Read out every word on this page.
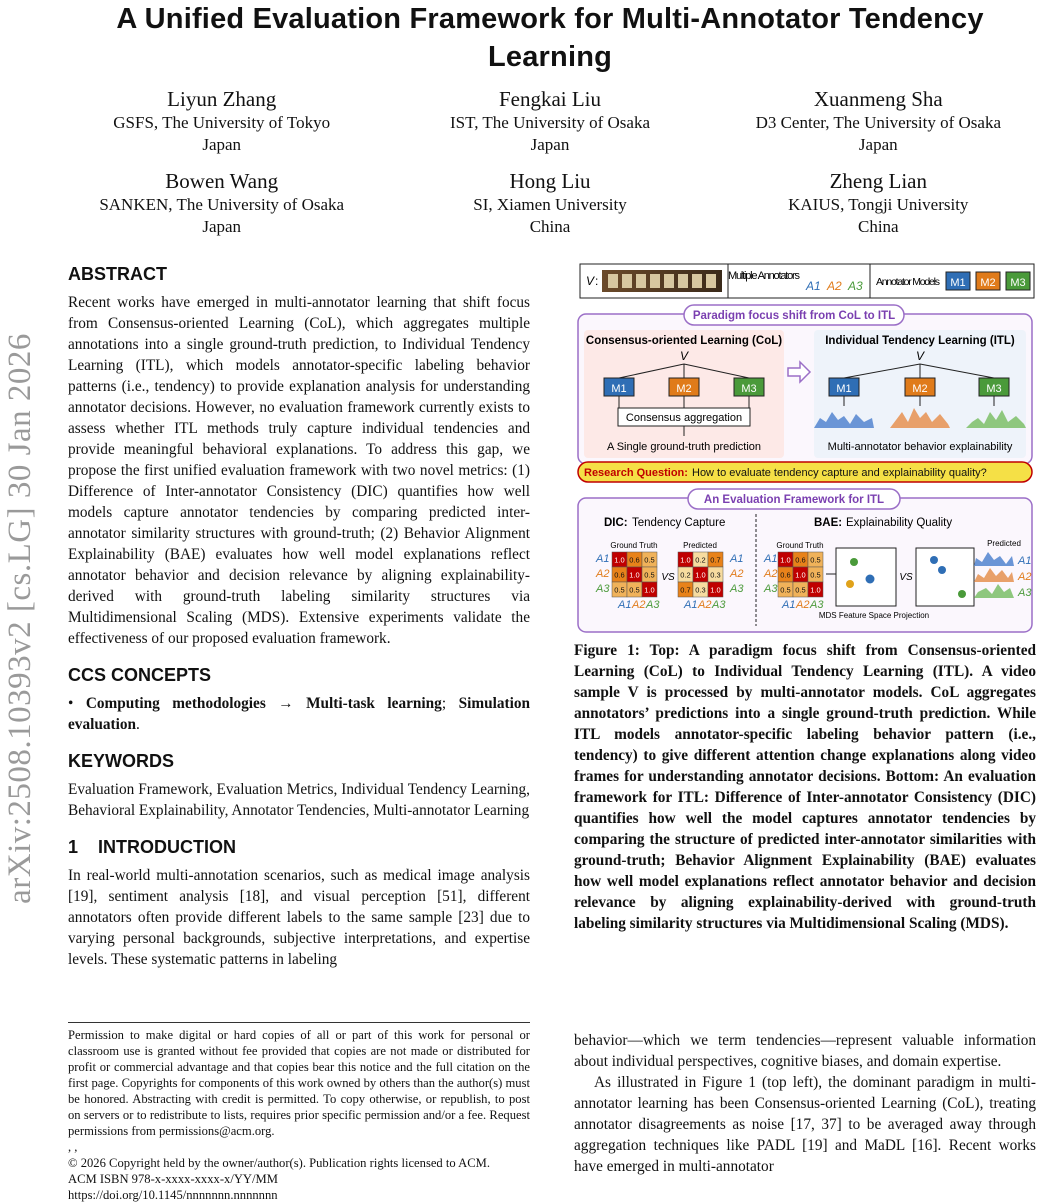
arXiv:2508.10393v2 [cs.LG] 30 Jan 2026
A Unified Evaluation Framework for Multi-Annotator Tendency Learning
Liyun Zhang
GSFS, The University of Tokyo
Japan
Fengkai Liu
IST, The University of Osaka
Japan
Xuanmeng Sha
D3 Center, The University of Osaka
Japan
Bowen Wang
SANKEN, The University of Osaka
Japan
Hong Liu
SI, Xiamen University
China
Zheng Lian
KAIUS, Tongji University
China
ABSTRACT

Recent works have emerged in multi-annotator learning that shift focus from Consensus-oriented Learning (CoL), which aggregates multiple annotations into a single ground-truth prediction, to Individual Tendency Learning (ITL), which models annotator-specific labeling behavior patterns (i.e., tendency) to provide explanation analysis for understanding annotator decisions. However, no evaluation framework currently exists to assess whether ITL methods truly capture individual tendencies and provide meaningful behavioral explanations. To address this gap, we propose the first unified evaluation framework with two novel metrics: (1) Difference of Inter-annotator Consistency (DIC) quantifies how well models capture annotator tendencies by comparing predicted inter-annotator similarity structures with ground-truth; (2) Behavior Alignment Explainability (BAE) evaluates how well model explanations reflect annotator behavior and decision relevance by aligning explainability-derived with ground-truth labeling similarity structures via Multidimensional Scaling (MDS). Extensive experiments validate the effectiveness of our proposed evaluation framework.

CCS CONCEPTS

• Computing methodologies → Multi-task learning; Simulation evaluation.

KEYWORDS

Evaluation Framework, Evaluation Metrics, Individual Tendency Learning, Behavioral Explainability, Annotator Tendencies, Multi-annotator Learning

1 INTRODUCTION

In real-world multi-annotation scenarios, such as medical image analysis [19], sentiment analysis [18], and visual perception [51], different annotators often provide different labels to the same sample [23] due to varying personal backgrounds, subjective interpretations, and expertise levels. These systematic patterns in labeling

Permission to make digital or hard copies of all or part of this work for personal or classroom use is granted without fee provided that copies are not made or distributed for profit or commercial advantage and that copies bear this notice and the full citation on the first page. Copyrights for components of this work owned by others than the author(s) must be honored. Abstracting with credit is permitted. To copy otherwise, or republish, to post on servers or to redistribute to lists, requires prior specific permission and/or a fee. Request permissions from permissions@acm.org.

, ,

© 2026 Copyright held by the owner/author(s). Publication rights licensed to ACM.

ACM ISBN 978-x-xxxx-xxxx-x/YY/MM

https://doi.org/10.1145/nnnnnnn.nnnnnnn

V :	Multiple Annotators
A1 A2 A3 Annotator Models M1 M2 M3
Paradigm focus shift from CoL to ITL
Consensus-oriented Learning (CoL)
V
M1	M2	M3
Consensus aggregation
A Single ground-truth prediction
Individual Tendency Learning (ITL)
V
M1	M2	M3
Multi-annotator behavior explainability
Research Question: How to evaluate tendency capture and explainability quality?
An Evaluation Framework for ITL
DIC: Tendency Capture
Ground Truth	Predicted
1.0 0.6 0.5
0.6 1.0 0.5
0.5 0.5 1.0
1.0 0.2 0.7
0.2 1.0 0.3
0.7 0.3 1.0
A1
A2
A3
A1 A2 A3 A1 A2 A3
A1
A2
A3
VS
BAE: Explainability Quality
Ground Truth
1.0 0.6 0.5
0.6 1.0 0.5
0.5 0.5 1.0
A1
A2
A3
A1 A2 A3
VS
MDS Feature Space Projection
Predicted
A1
A2
A3

Figure 1: Top: A paradigm focus shift from Consensus-oriented Learning (CoL) to Individual Tendency Learning (ITL). A video sample V is processed by multi-annotator models. CoL aggregates annotators’ predictions into a single ground-truth prediction. While ITL models annotator-specific labeling behavior pattern (i.e., tendency) to give different attention change explanations along video frames for understanding annotator decisions. Bottom: An evaluation framework for ITL: Difference of Inter-annotator Consistency (DIC) quantifies how well the model captures annotator tendencies by comparing the structure of predicted inter-annotator similarities with ground-truth; Behavior Alignment Explainability (BAE) evaluates how well model explanations reflect annotator behavior and decision relevance by aligning explainability-derived with ground-truth labeling similarity structures via Multidimensional Scaling (MDS).

behavior—which we term tendencies—represent valuable information about individual perspectives, cognitive biases, and domain expertise.

As illustrated in Figure 1 (top left), the dominant paradigm in multi-annotator learning has been Consensus-oriented Learning (CoL), treating annotator disagreements as noise [17, 37] to be averaged away through aggregation techniques like PADL [19] and MaDL [16]. Recent works have emerged in multi-annotator
